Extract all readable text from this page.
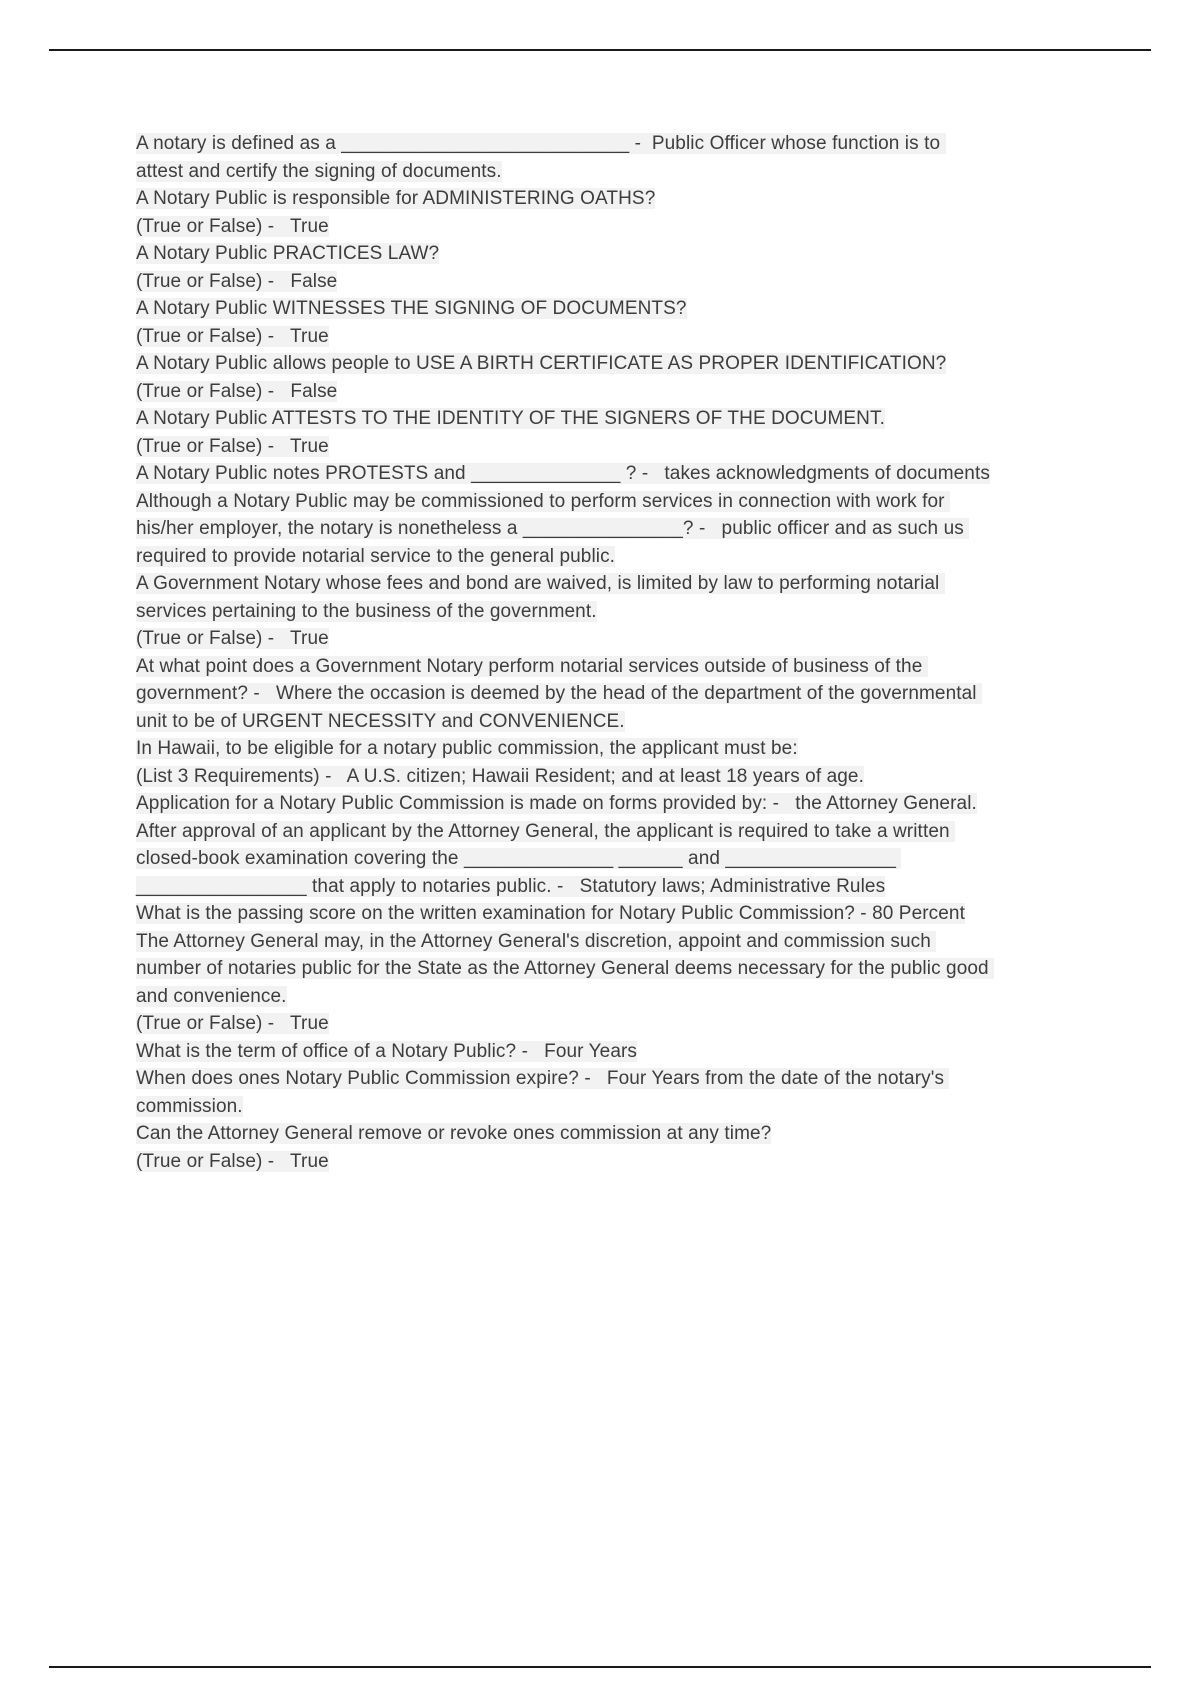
A notary is defined as a ___________________________ -  Public Officer whose function is to attest and certify the signing of documents.

A Notary Public is responsible for ADMINISTERING OATHS?

(True or False) -   True

A Notary Public PRACTICES LAW?

(True or False) -   False

A Notary Public WITNESSES THE SIGNING OF DOCUMENTS?

(True or False) -   True

A Notary Public allows people to USE A BIRTH CERTIFICATE AS PROPER IDENTIFICATION?

(True or False) -   False

A Notary Public ATTESTS TO THE IDENTITY OF THE SIGNERS OF THE DOCUMENT.

(True or False) -   True

A Notary Public notes PROTESTS and ______________ ? -   takes acknowledgments of documents

Although a Notary Public may be commissioned to perform services in connection with work for his/her employer, the notary is nonetheless a _______________? -   public officer and as such us required to provide notarial service to the general public.

A Government Notary whose fees and bond are waived, is limited by law to performing notarial services pertaining to the business of the government.

(True or False) -   True

At what point does a Government Notary perform notarial services outside of business of the government? -   Where the occasion is deemed by the head of the department of the governmental unit to be of URGENT NECESSITY and CONVENIENCE.

In Hawaii, to be eligible for a notary public commission, the applicant must be:

(List 3 Requirements) -   A U.S. citizen; Hawaii Resident; and at least 18 years of age.

Application for a Notary Public Commission is made on forms provided by: -   the Attorney General.

After approval of an applicant by the Attorney General, the applicant is required to take a written closed-book examination covering the ______________ ______ and ________________ ________________ that apply to notaries public. -   Statutory laws; Administrative Rules

What is the passing score on the written examination for Notary Public Commission? - 80 Percent

The Attorney General may, in the Attorney General's discretion, appoint and commission such number of notaries public for the State as the Attorney General deems necessary for the public good and convenience.

(True or False) -   True

What is the term of office of a Notary Public? -   Four Years

When does ones Notary Public Commission expire? -   Four Years from the date of the notary's commission.

Can the Attorney General remove or revoke ones commission at any time?

(True or False) -   True
